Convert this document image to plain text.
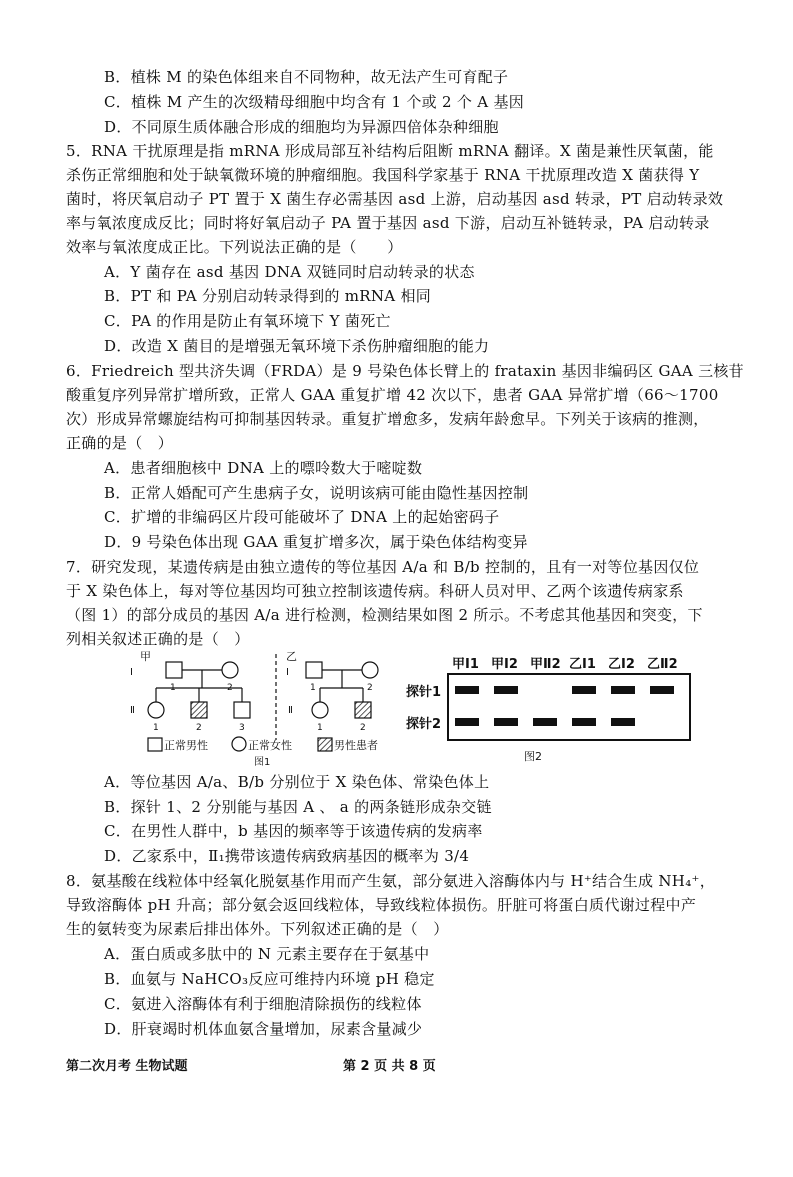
B．植株 M 的染色体组来自不同物种，故无法产生可育配子
C．植株 M 产生的次级精母细胞中均含有 1 个或 2 个 A 基因
D．不同原生质体融合形成的细胞均为异源四倍体杂种细胞
5．RNA 干扰原理是指 mRNA 形成局部互补结构后阻断 mRNA 翻译。X 菌是兼性厌氧菌，能
杀伤正常细胞和处于缺氧微环境的肿瘤细胞。我国科学家基于 RNA 干扰原理改造 X 菌获得 Y
菌时，将厌氧启动子 PT 置于 X 菌生存必需基因 asd 上游，启动基因 asd 转录，PT 启动转录效
率与氧浓度成反比；同时将好氧启动子 PA 置于基因 asd 下游，启动互补链转录，PA 启动转录
效率与氧浓度成正比。下列说法正确的是（　　）
A．Y 菌存在 asd 基因 DNA 双链同时启动转录的状态
B．PT 和 PA 分别启动转录得到的 mRNA 相同
C．PA 的作用是防止有氧环境下 Y 菌死亡
D．改造 X 菌目的是增强无氧环境下杀伤肿瘤细胞的能力
6．Friedreich 型共济失调（FRDA）是 9 号染色体长臂上的 frataxin 基因非编码区 GAA 三核苷
酸重复序列异常扩增所致，正常人 GAA 重复扩增 42 次以下，患者 GAA 异常扩增（66～1700
次）形成异常螺旋结构可抑制基因转录。重复扩增愈多，发病年龄愈早。下列关于该病的推测，
正确的是（　）
A．患者细胞核中 DNA 上的嘌呤数大于嘧啶数
B．正常人婚配可产生患病子女，说明该病可能由隐性基因控制
C．扩增的非编码区片段可能破坏了 DNA 上的起始密码子
D．9 号染色体出现 GAA 重复扩增多次，属于染色体结构变异
7．研究发现，某遗传病是由独立遗传的等位基因 A/a 和 B/b 控制的，且有一对等位基因仅位
于 X 染色体上，每对等位基因均可独立控制该遗传病。科研人员对甲、乙两个该遗传病家系
（图 1）的部分成员的基因 A/a 进行检测，检测结果如图 2 所示。不考虑其他基因和突变，下
列相关叙述正确的是（　）
甲
Ⅰ
1	2
Ⅱ
1	2	3
乙
Ⅰ
1	2
Ⅱ
1	2
正常男性	正常女性	男性患者
图1
甲Ⅰ1 甲Ⅰ2 甲Ⅱ2 乙Ⅰ1 乙Ⅰ2 乙Ⅱ2
探针1
探针2
图2
A．等位基因 A/a、B/b 分别位于 X 染色体、常染色体上
B．探针 1、2 分别能与基因 A 、 a 的两条链形成杂交链
C．在男性人群中，b 基因的频率等于该遗传病的发病率
D．乙家系中，Ⅱ₁携带该遗传病致病基因的概率为 3/4
8．氨基酸在线粒体中经氧化脱氨基作用而产生氨，部分氨进入溶酶体内与 H⁺结合生成 NH₄⁺，
导致溶酶体 pH 升高；部分氨会返回线粒体，导致线粒体损伤。肝脏可将蛋白质代谢过程中产
生的氨转变为尿素后排出体外。下列叙述正确的是（　）
A．蛋白质或多肽中的 N 元素主要存在于氨基中
B．血氨与 NaHCO₃反应可维持内环境 pH 稳定
C．氨进入溶酶体有利于细胞清除损伤的线粒体
D．肝衰竭时机体血氨含量增加，尿素含量减少
第二次月考 生物试题	第 2 页 共 8 页
